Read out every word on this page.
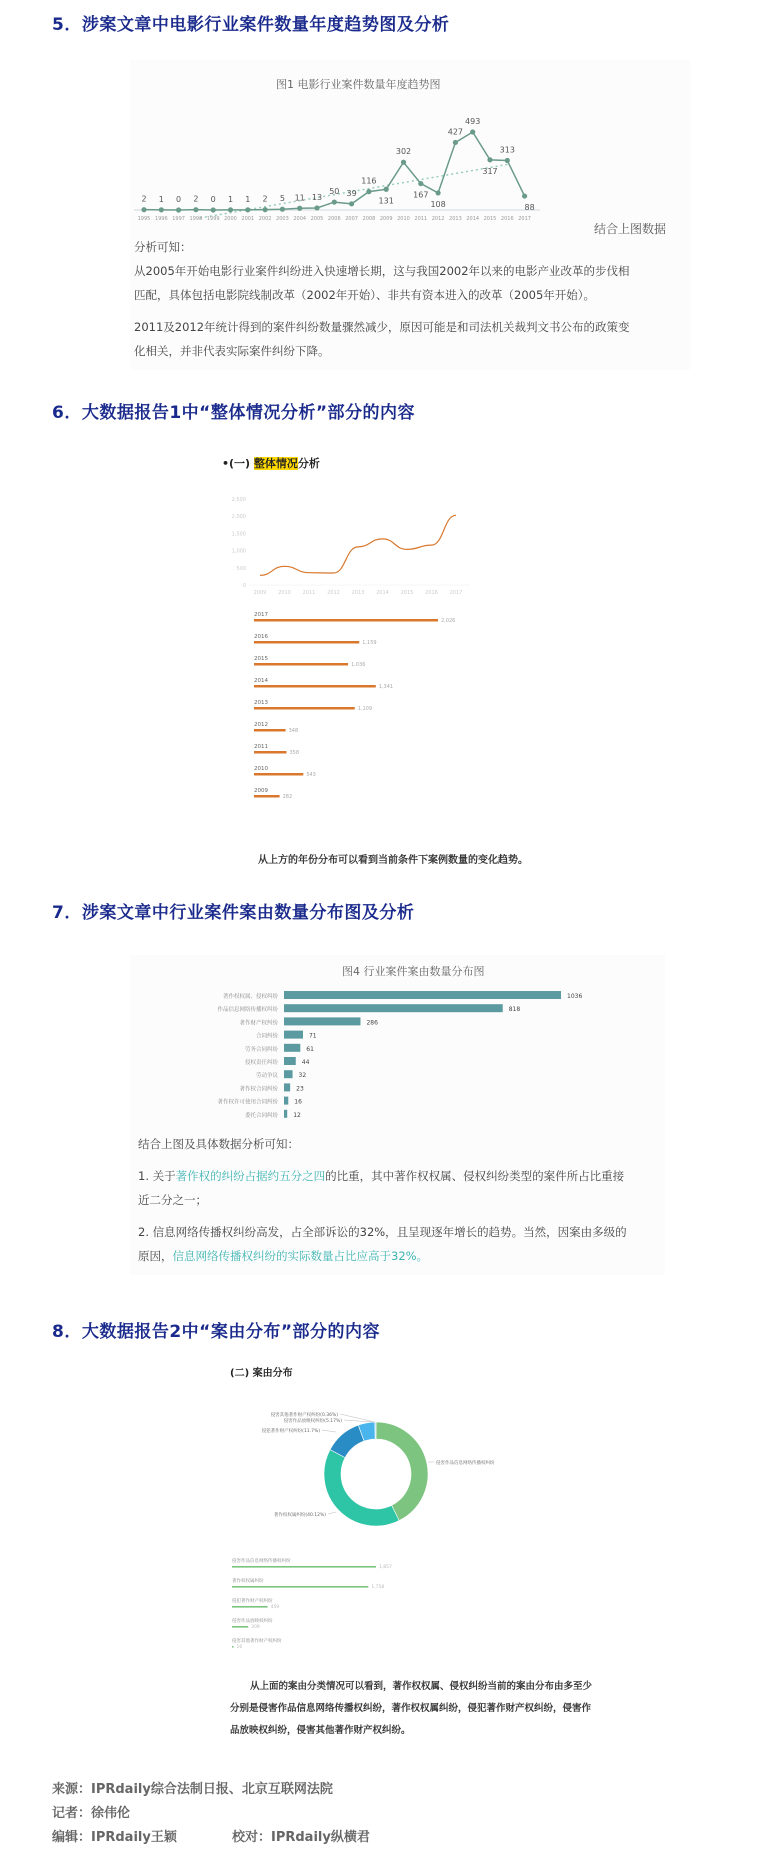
5．涉案文章中电影行业案件数量年度趋势图及分析
图1 电影行业案件数量年度趋势图
2
1995
1
1996
0
1997
2
1998
0
1999
1
2000
1
2001
2
2002
5
2003
11
2004
13
2005
50
2006
39
2007
116
2008
131
2009
302
2010
167
2011
108
2012
427
2013
493
2014
317
2015
313
2016
88
2017
结合上图数据
分析可知：
从2005年开始电影行业案件纠纷进入快速增长期，这与我国2002年以来的电影产业改革的步伐相
匹配，具体包括电影院线制改革（2002年开始）、非共有资本进入的改革（2005年开始）。
2011及2012年统计得到的案件纠纷数量骤然减少，原因可能是和司法机关裁判文书公布的政策变
化相关，并非代表实际案件纠纷下降。
6．大数据报告1中“整体情况分析”部分的内容
•(一) 整体情况分析
0
500
1,000
1,500
2,000
2,500
2009 2010 2011 2012 2013 2014 2015 2016 2017
2017
2,026
2016
1,159
2015
1,036
2014
1,341
2013
1,109
2012
348
2011
358
2010
543
2009
282
从上方的年份分布可以看到当前条件下案例数量的变化趋势。
7．涉案文章中行业案件案由数量分布图及分析
图4 行业案件案由数量分布图
著作权权属、侵权纠纷	1036
作品信息网络传播权纠纷	818
著作财产权纠纷	286
合同纠纷	71
劳务合同纠纷	61
侵权责任纠纷	44
劳动争议	32
著作权合同纠纷	23
著作权许可使用合同纠纷	16
委托合同纠纷	12
结合上图及具体数据分析可知：
1. 关于著作权的纠纷占据约五分之四的比重，其中著作权权属、侵权纠纷类型的案件所占比重接
近二分之一；
2. 信息网络传播权纠纷高发，占全部诉讼的32%，且呈现逐年增长的趋势。当然，因案由多级的
原因，信息网络传播权纠纷的实际数量占比应高于32%。
8．大数据报告2中“案由分布”部分的内容
(二) 案由分布
侵害作品信息网络传播权纠纷
著作权权属纠纷(40.12%)
侵犯著作财产权纠纷(11.7%)
侵害作品放映权纠纷(5.17%)
侵害其他著作财产权纠纷(0.36%)
侵害作品信息网络传播权纠纷
1,857
著作权权属纠纷
1,758
侵犯著作财产权纠纷
459
侵害作品放映权纠纷
209
侵害其他著作财产权纠纷
16
从上面的案由分类情况可以看到，著作权权属、侵权纠纷当前的案由分布由多至少
分别是侵害作品信息网络传播权纠纷，著作权权属纠纷，侵犯著作财产权纠纷，侵害作
品放映权纠纷，侵害其他著作财产权纠纷。
来源：IPRdaily综合法制日报、北京互联网法院
记者：徐伟伦
编辑：IPRdaily王颖	校对：IPRdaily纵横君
